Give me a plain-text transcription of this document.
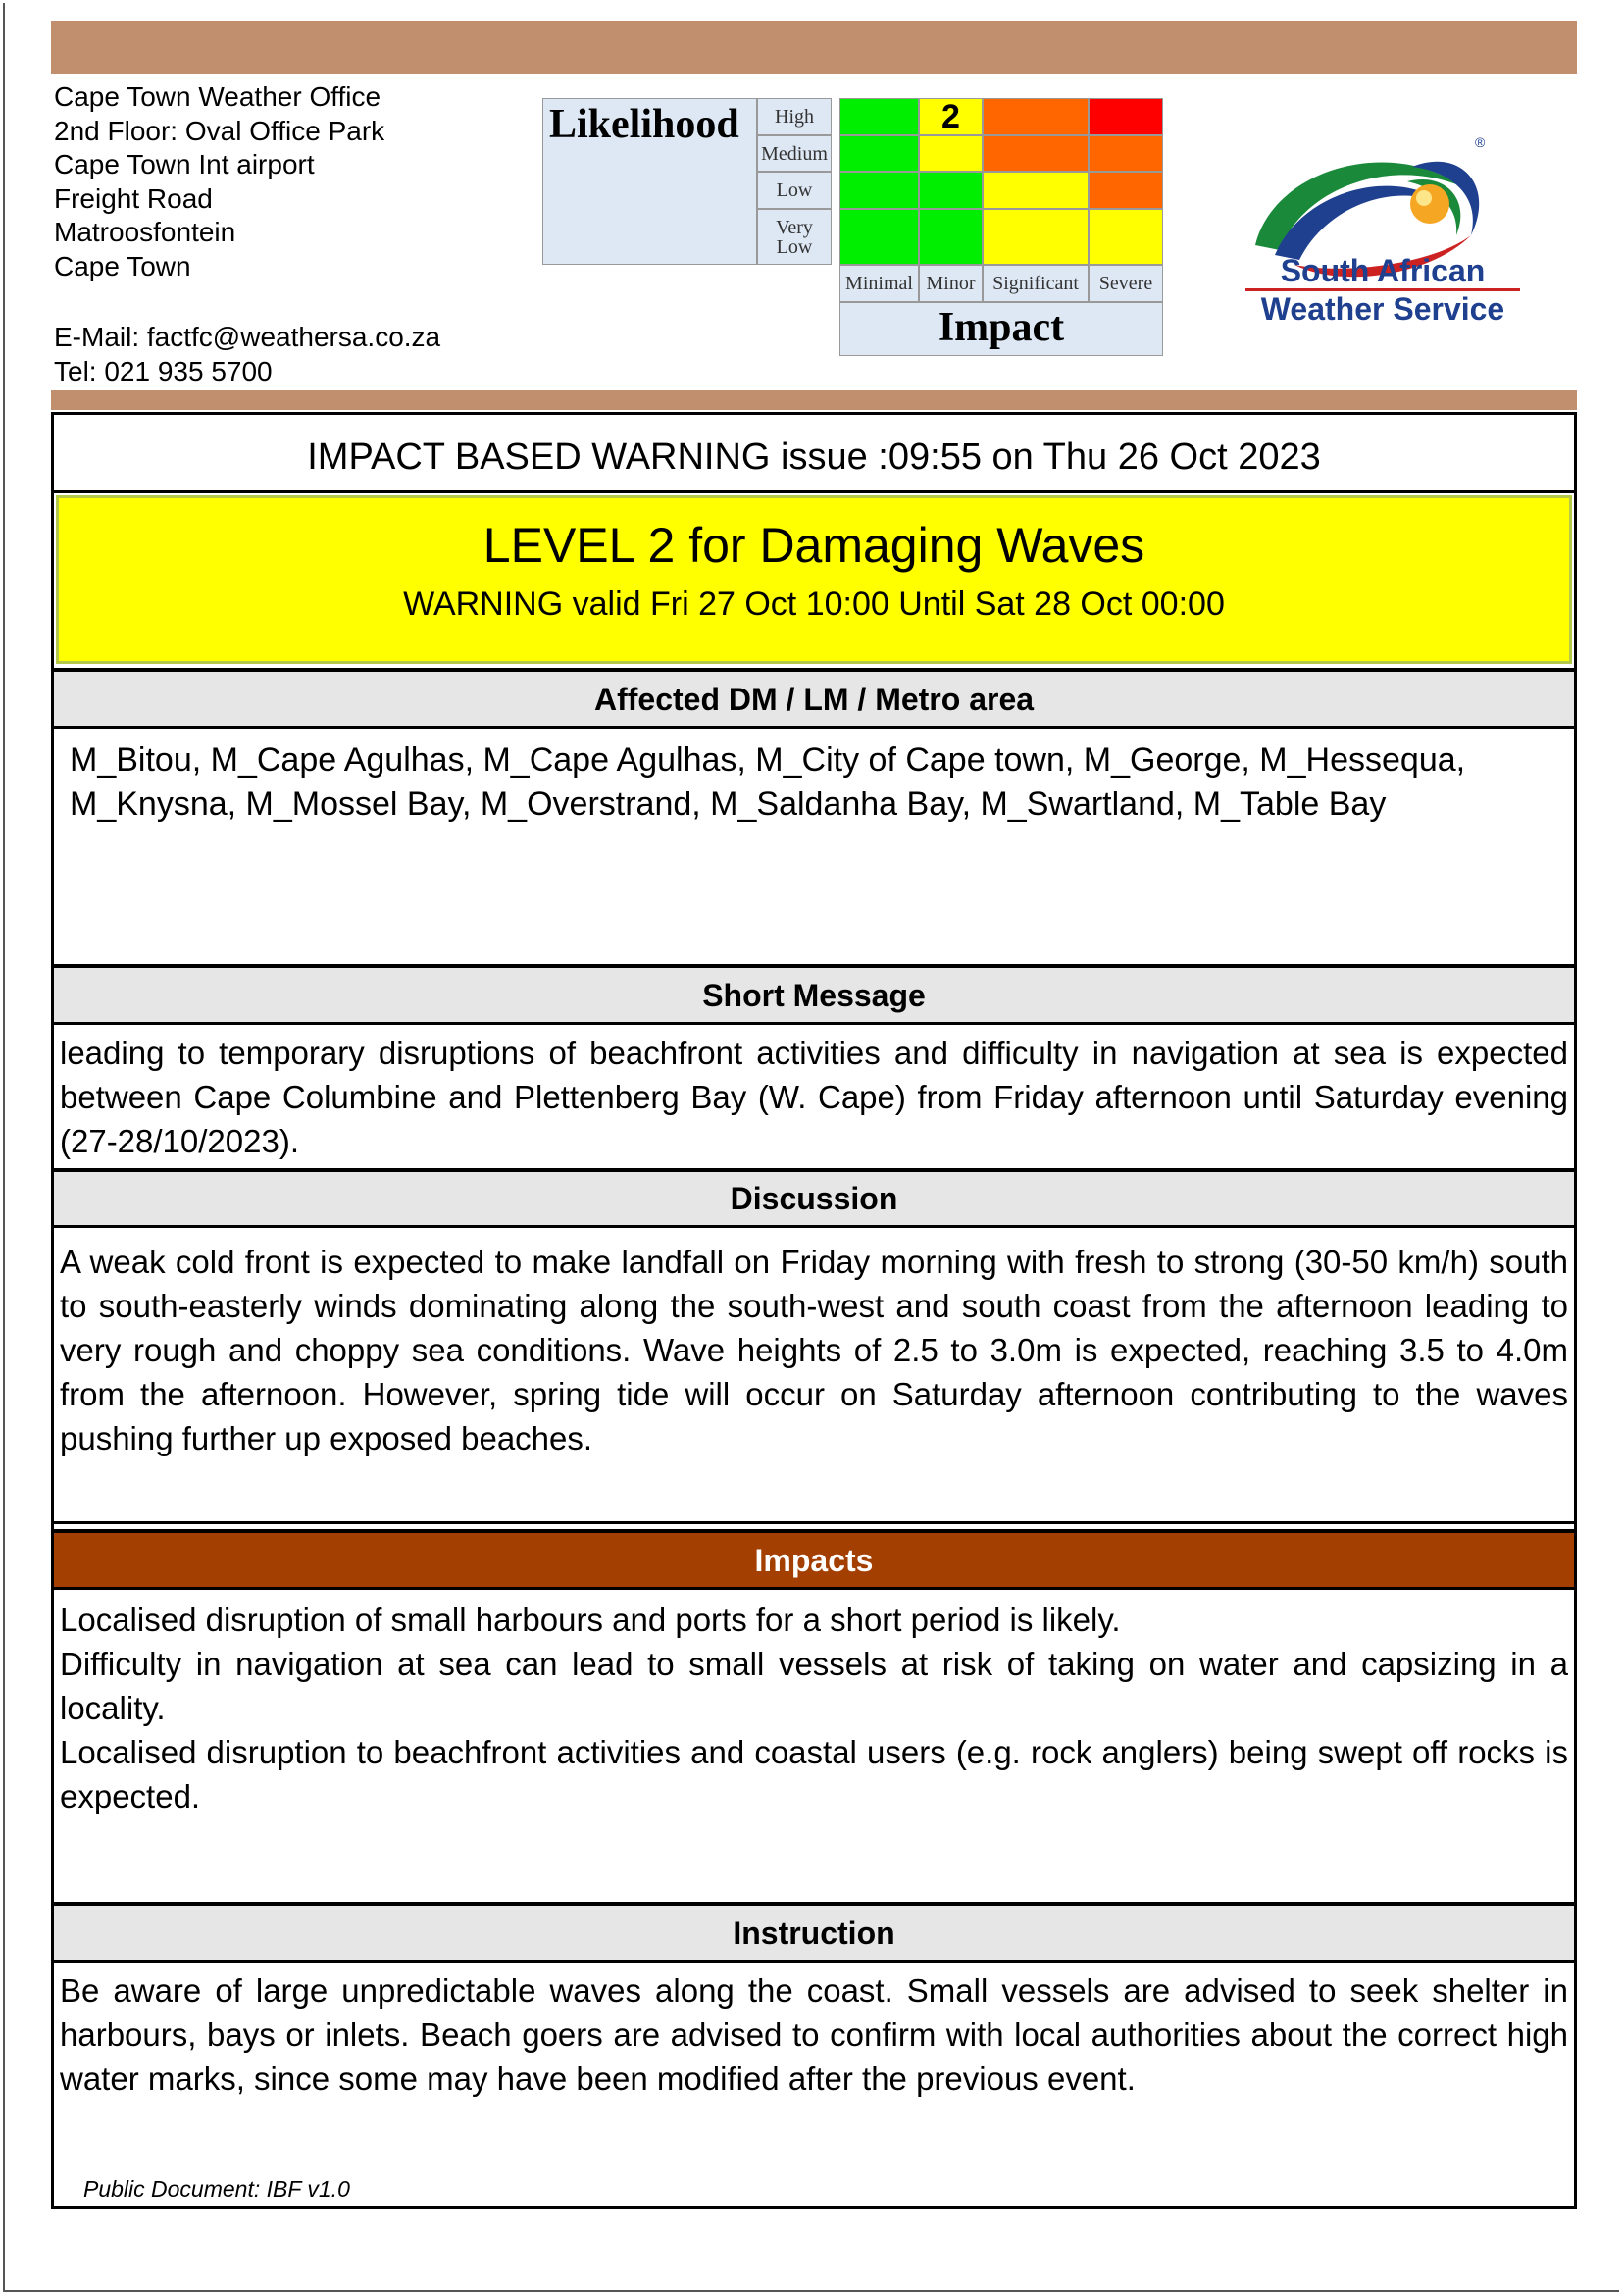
Cape Town Weather Office
2nd Floor: Oval Office Park
Cape Town Int airport
Freight Road
Matroosfontein
Cape Town
E-Mail: factfc@weathersa.co.za
Tel: 021 935 5700
Likelihood	High
Medium
Low
Very Low
2
Minimal Minor Significant	Severe
Impact
®
South African
Weather Service
IMPACT BASED WARNING issue :09:55 on Thu 26 Oct 2023
LEVEL 2 for Damaging Waves
WARNING valid Fri 27 Oct 10:00 Until Sat 28 Oct 00:00
Affected DM / LM / Metro area
M_Bitou, M_Cape Agulhas, M_Cape Agulhas, M_City of Cape town, M_George, M_Hessequa, M_Knysna, M_Mossel Bay, M_Overstrand, M_Saldanha Bay, M_Swartland, M_Table Bay
Short Message
leading to temporary disruptions of beachfront activities and difficulty in navigation at sea is expected between Cape Columbine and Plettenberg Bay (W. Cape) from Friday afternoon until Saturday evening (27-28/10/2023).
Discussion
A weak cold front is expected to make landfall on Friday morning with fresh to strong (30-50 km/h) south to south-easterly winds dominating along the south-west and south coast from the afternoon leading to very rough and choppy sea conditions. Wave heights of 2.5 to 3.0m is expected, reaching 3.5 to 4.0m from the afternoon. However, spring tide will occur on Saturday afternoon contributing to the waves pushing further up exposed beaches.
Impacts
Localised disruption of small harbours and ports for a short period is likely.
Difficulty in navigation at sea can lead to small vessels at risk of taking on water and capsizing in a locality.
Localised disruption to beachfront activities and coastal users (e.g. rock anglers) being swept off rocks is expected.
Instruction
Be aware of large unpredictable waves along the coast. Small vessels are advised to seek shelter in harbours, bays or inlets. Beach goers are advised to confirm with local authorities about the correct high water marks, since some may have been modified after the previous event.
Public Document: IBF v1.0
